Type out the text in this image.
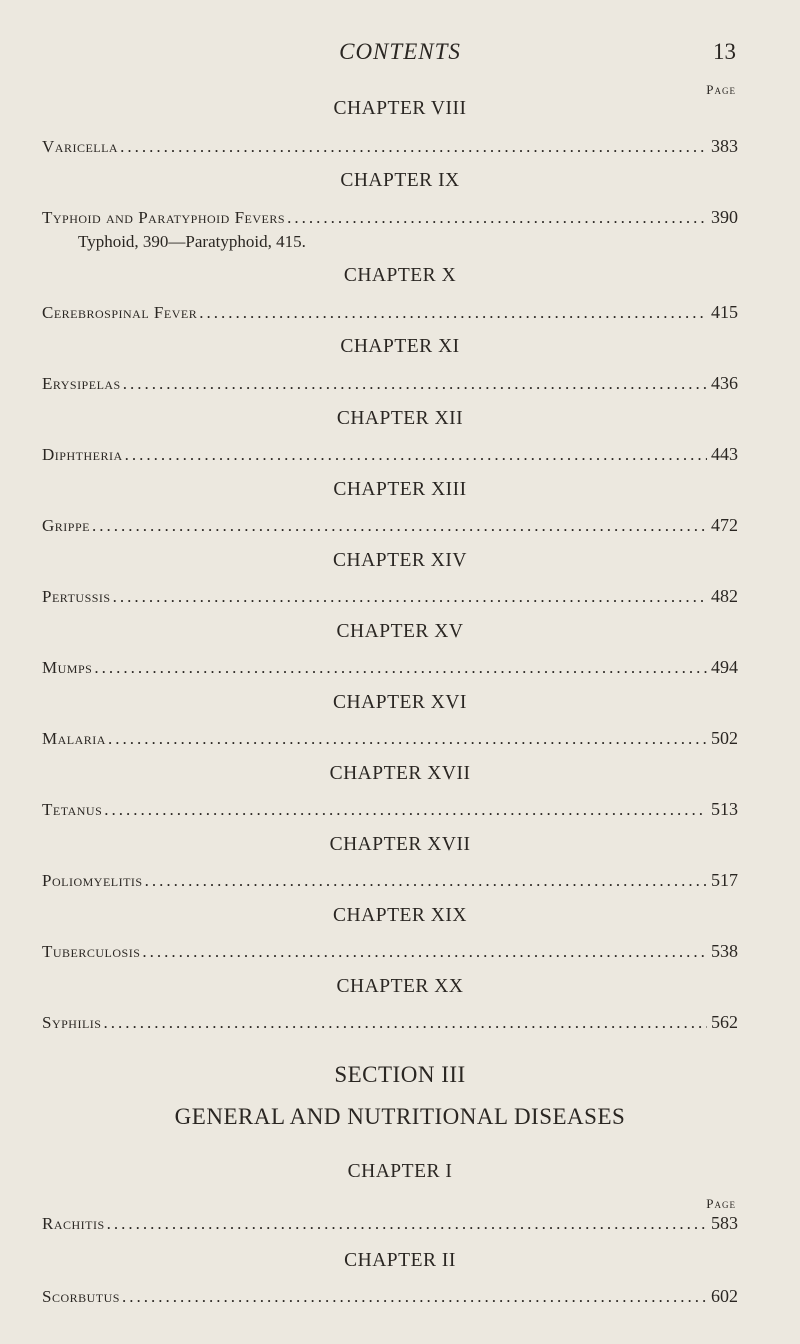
CONTENTS	13
Page
CHAPTER VIII
Varicella .....	383
CHAPTER IX
Typhoid and Paratyphoid Fevers .....	390
Typhoid, 390—Paratyphoid, 415.
CHAPTER X
Cerebrospinal Fever .....	415
CHAPTER XI
Erysipelas .....	436
CHAPTER XII
Diphtheria .....	443
CHAPTER XIII
Grippe .....	472
CHAPTER XIV
Pertussis .....	482
CHAPTER XV
Mumps .....	494
CHAPTER XVI
Malaria .....	502
CHAPTER XVII
Tetanus .....	513
CHAPTER XVII
Poliomyelitis .....	517
CHAPTER XIX
Tuberculosis .....	538
CHAPTER XX
Syphilis .....	562
SECTION III
GENERAL AND NUTRITIONAL DISEASES
CHAPTER I
Page
Rachitis .....	583
CHAPTER II
Scorbutus .....	602
